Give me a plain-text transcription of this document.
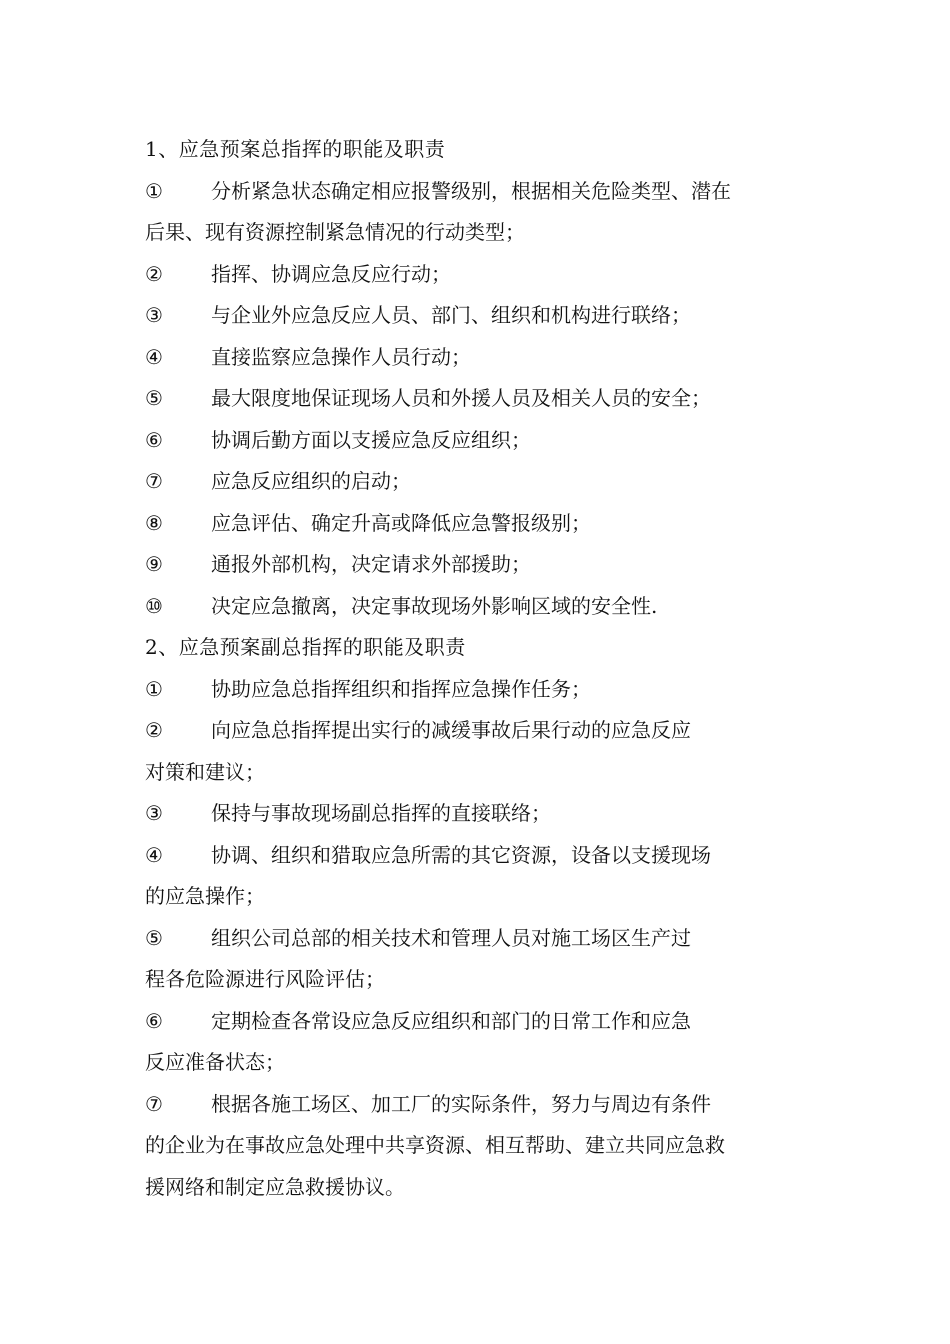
1、应急预案总指挥的职能及职责
①	分析紧急状态确定相应报警级别，根据相关危险类型、潜在
后果、现有资源控制紧急情况的行动类型；
②	指挥、协调应急反应行动；
③	与企业外应急反应人员、部门、组织和机构进行联络；
④	直接监察应急操作人员行动；
⑤	最大限度地保证现场人员和外援人员及相关人员的安全；
⑥	协调后勤方面以支援应急反应组织；
⑦	应急反应组织的启动；
⑧	应急评估、确定升高或降低应急警报级别；
⑨	通报外部机构，决定请求外部援助；
⑩	决定应急撤离，决定事故现场外影响区域的安全性.
2、应急预案副总指挥的职能及职责
①	协助应急总指挥组织和指挥应急操作任务；
②	向应急总指挥提出实行的减缓事故后果行动的应急反应
对策和建议；
③	保持与事故现场副总指挥的直接联络；
④	协调、组织和猎取应急所需的其它资源，设备以支援现场
的应急操作；
⑤	组织公司总部的相关技术和管理人员对施工场区生产过
程各危险源进行风险评估；
⑥	定期检查各常设应急反应组织和部门的日常工作和应急
反应准备状态；
⑦	根据各施工场区、加工厂的实际条件，努力与周边有条件
的企业为在事故应急处理中共享资源、相互帮助、建立共同应急救
援网络和制定应急救援协议。
